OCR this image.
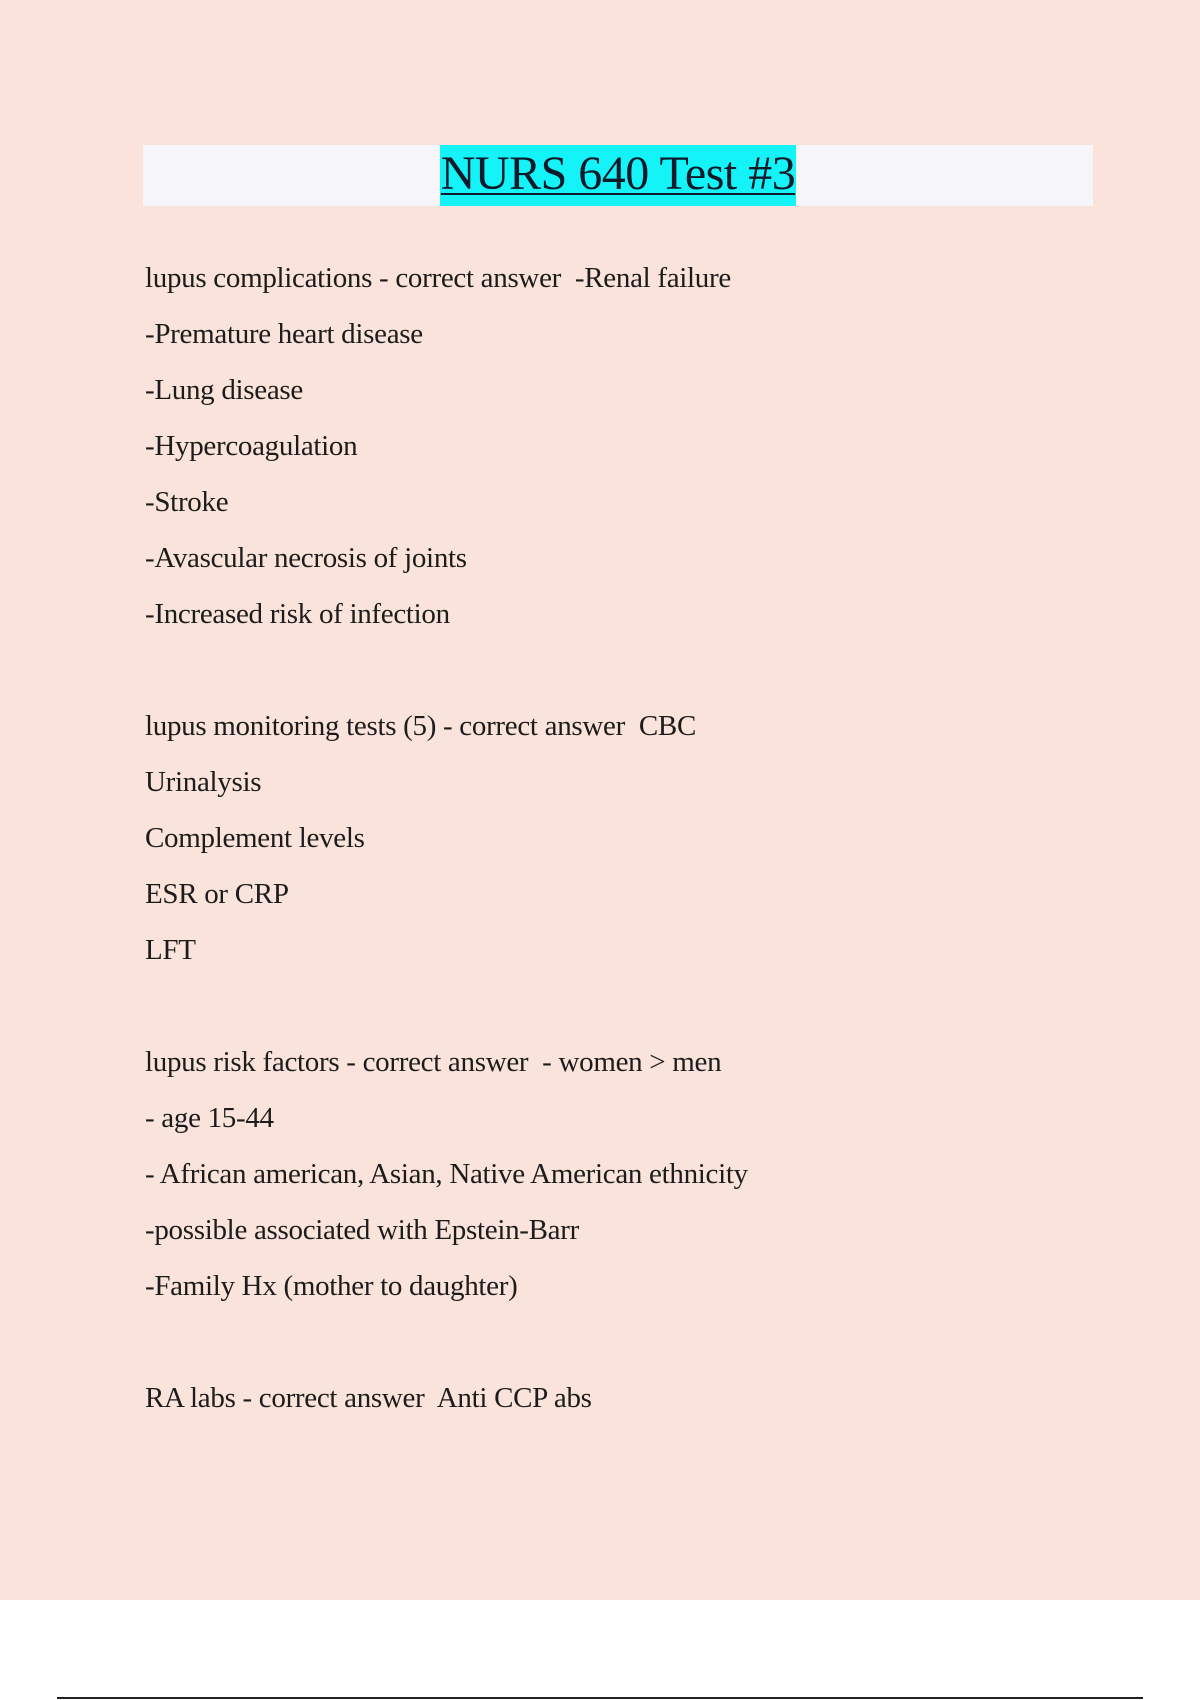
NURS 640 Test #3
lupus complications - correct answer  -Renal failure
-Premature heart disease
-Lung disease
-Hypercoagulation
-Stroke
-Avascular necrosis of joints
-Increased risk of infection
lupus monitoring tests (5) - correct answer  CBC
Urinalysis
Complement levels
ESR or CRP
LFT
lupus risk factors - correct answer  - women > men
- age 15-44
- African american, Asian, Native American ethnicity
-possible associated with Epstein-Barr
-Family Hx (mother to daughter)
RA labs - correct answer  Anti CCP abs
